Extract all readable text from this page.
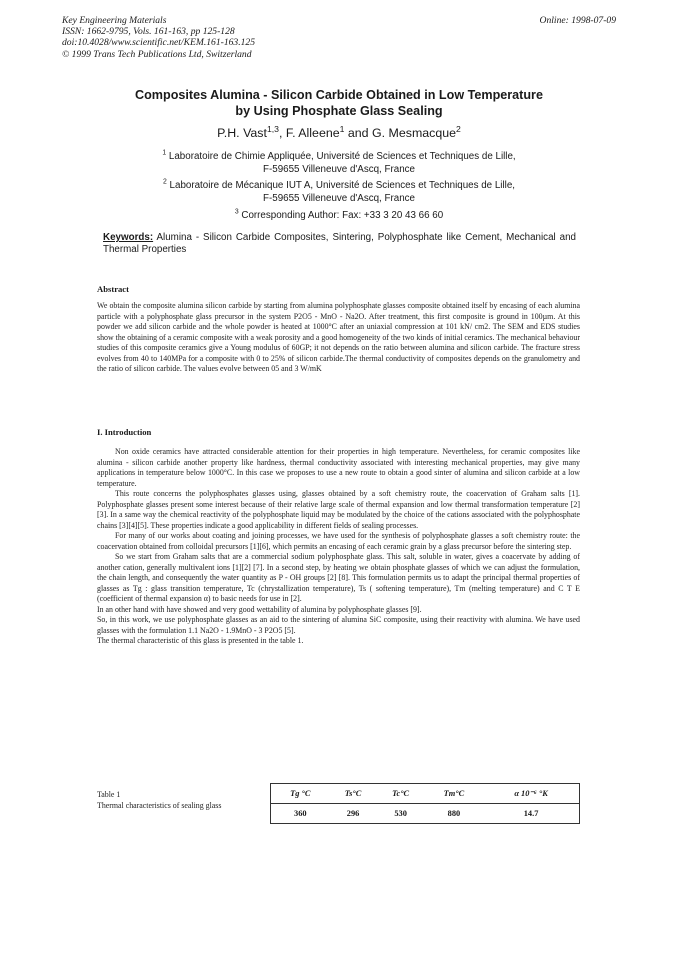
Key Engineering Materials
ISSN: 1662-9795, Vols. 161-163, pp 125-128
doi:10.4028/www.scientific.net/KEM.161-163.125
© 1999 Trans Tech Publications Ltd, Switzerland
Online: 1998-07-09
Composites Alumina - Silicon Carbide Obtained in Low Temperature
by Using Phosphate Glass Sealing
P.H. Vast$^{1,3}$, F. Alleene$^1$ and G. Mesmacque$^2$
$^1$ Laboratoire de Chimie Appliquée, Université de Sciences et Techniques de Lille,
F-59655 Villeneuve d'Ascq, France
$^2$ Laboratoire de Mécanique IUT A, Université de Sciences et Techniques de Lille,
F-59655 Villeneuve d'Ascq, France
$^3$ Corresponding Author: Fax: +33 3 20 43 66 60
Keywords: Alumina - Silicon Carbide Composites, Sintering, Polyphosphate like Cement, Mechanical and Thermal Properties
Abstract
We obtain the composite alumina silicon carbide by starting from alumina polyphosphate glasses composite obtained itself by encasing of each alumina particle with a polyphosphate glass precursor in the system P2O5 - MnO - Na2O. After treatment, this first composite is ground in 100µm. At this powder we add silicon carbide and the whole powder is heated at 1000°C after an uniaxial compression at 101 kN/ cm2. The SEM and EDS studies show the obtaining of a ceramic composite with a weak porosity and a good homogeneity of the two kinds of initial ceramics. The mechanical behaviour studies of this composite ceramics give a Young modulus of 60GP; it not depends on the ratio between alumina and silicon carbide. The fracture stress evolves from 40 to 140MPa for a composite with 0 to 25% of silicon carbide.The thermal conductivity of composites depends on the granulometry and the ratio of silicon carbide. The values evolve between 05 and 3 W/mK
I. Introduction

Non oxide ceramics have attracted considerable attention for their properties in high temperature. Nevertheless, for ceramic composites like alumina - silicon carbide another property like hardness, thermal conductivity associated with interesting mechanical properties, may give many applications in temperature below 1000°C. In this case we proposes to use a new route to obtain a good sinter of alumina and silicon carbide at a low temperature.

This route concerns the polyphosphates glasses using, glasses obtained by a soft chemistry route, the coacervation of Graham salts [1]. Polyphosphate glasses present some interest because of their relative large scale of thermal expansion and low thermal transformation temperature [2][3]. In a same way the chemical reactivity of the polyphosphate liquid may be modulated by the choice of the cations associated with the polyphosphate chains [3][4][5]. These properties indicate a good applicability in different fields of sealing processes.

For many of our works about coating and joining processes, we have used for the synthesis of polyphosphate glasses a soft chemistry route: the coacervation obtained from colloidal precursors [1][6], which permits an encasing of each ceramic grain by a glass precursor before the sintering step.

So we start from Graham salts that are a commercial sodium polyphosphate glass. This salt, soluble in water, gives a coacervate by adding of another cation, generally multivalent ions [1][2] [7]. In a second step, by heating we obtain phosphate glasses of which we can adjust the formulation, the chain length, and consequently the water quantity as P - OH groups [2] [8]. This formulation permits us to adapt the principal thermal properties of glasses as Tg : glass transition temperature, Tc (chrystallization temperature), Ts ( softening temperature), Tm (melting temperature) and C T E (coefficient of thermal expansion α) to basic needs for use in [2].

In an other hand with have showed and very good wettability of alumina by polyphosphate glasses [9].

So, in this work, we use polyphosphate glasses as an aid to the sintering of alumina SiC composite, using their reactivity with alumina. We have used glasses with the formulation 1.1 Na2O - 1.9MnO - 3 P2O5 [5].

The thermal characteristic of this glass is presented in the table 1.

Table 1
Thermal characteristics of sealing glass
Tg °C	Ts°C	Tc°C	Tm°C	α 10⁻⁶ °K
360	296	530	880	14.7
